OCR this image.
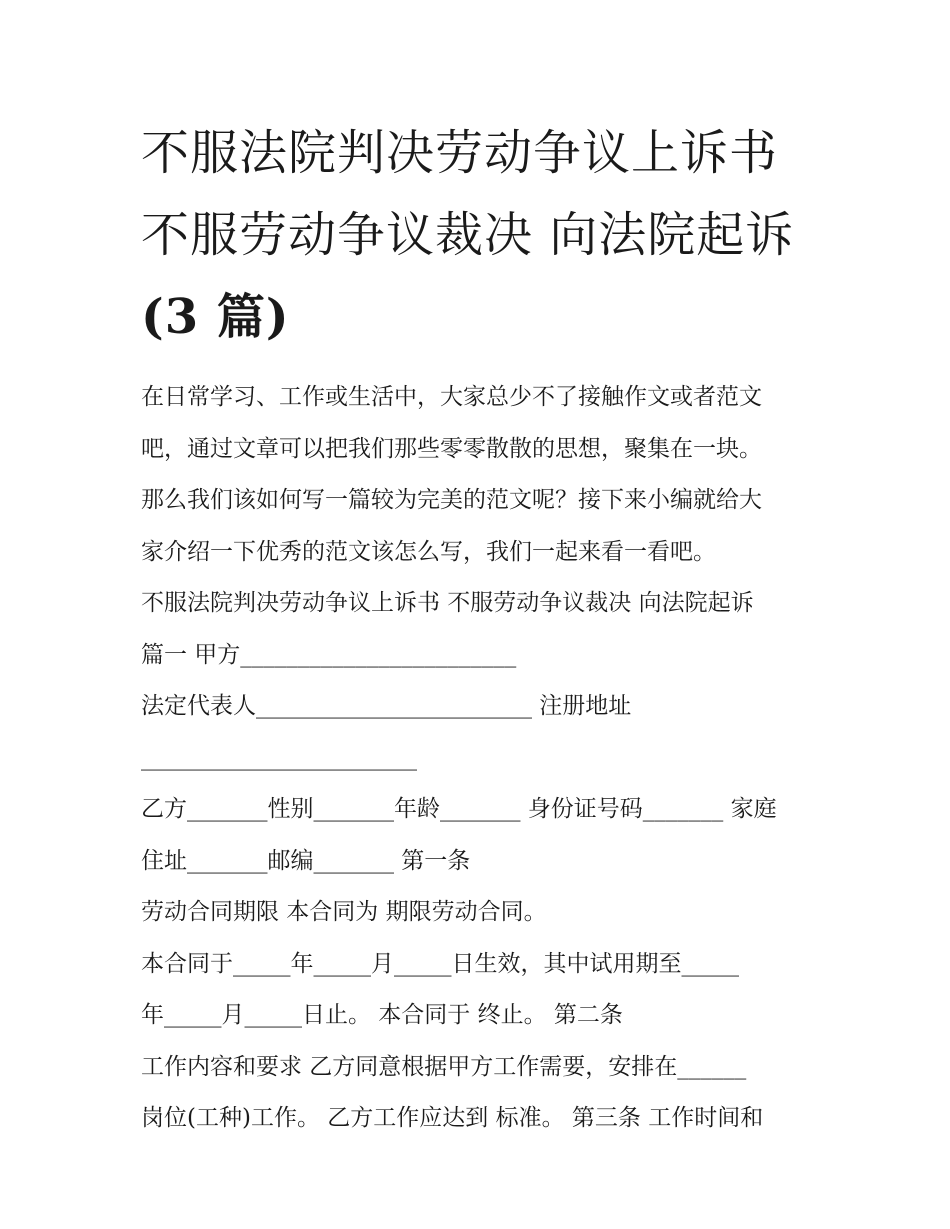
不服法院判决劳动争议上诉书
不服劳动争议裁决 向法院起诉
(3 篇)
在日常学习、工作或生活中，大家总少不了接触作文或者范文
吧，通过文章可以把我们那些零零散散的思想，聚集在一块。
那么我们该如何写一篇较为完美的范文呢？接下来小编就给大
家介绍一下优秀的范文该怎么写，我们一起来看一看吧。
不服法院判决劳动争议上诉书 不服劳动争议裁决 向法院起诉
篇一 甲方________________________
法定代表人________________________ 注册地址
________________________
乙方_______性别_______年龄_______ 身份证号码_______ 家庭
住址_______邮编_______ 第一条
劳动合同期限 本合同为 期限劳动合同。
本合同于_____年_____月_____日生效，其中试用期至_____
年_____月_____日止。 本合同于 终止。 第二条
工作内容和要求 乙方同意根据甲方工作需要，安排在______
岗位(工种)工作。 乙方工作应达到 标准。 第三条 工作时间和
